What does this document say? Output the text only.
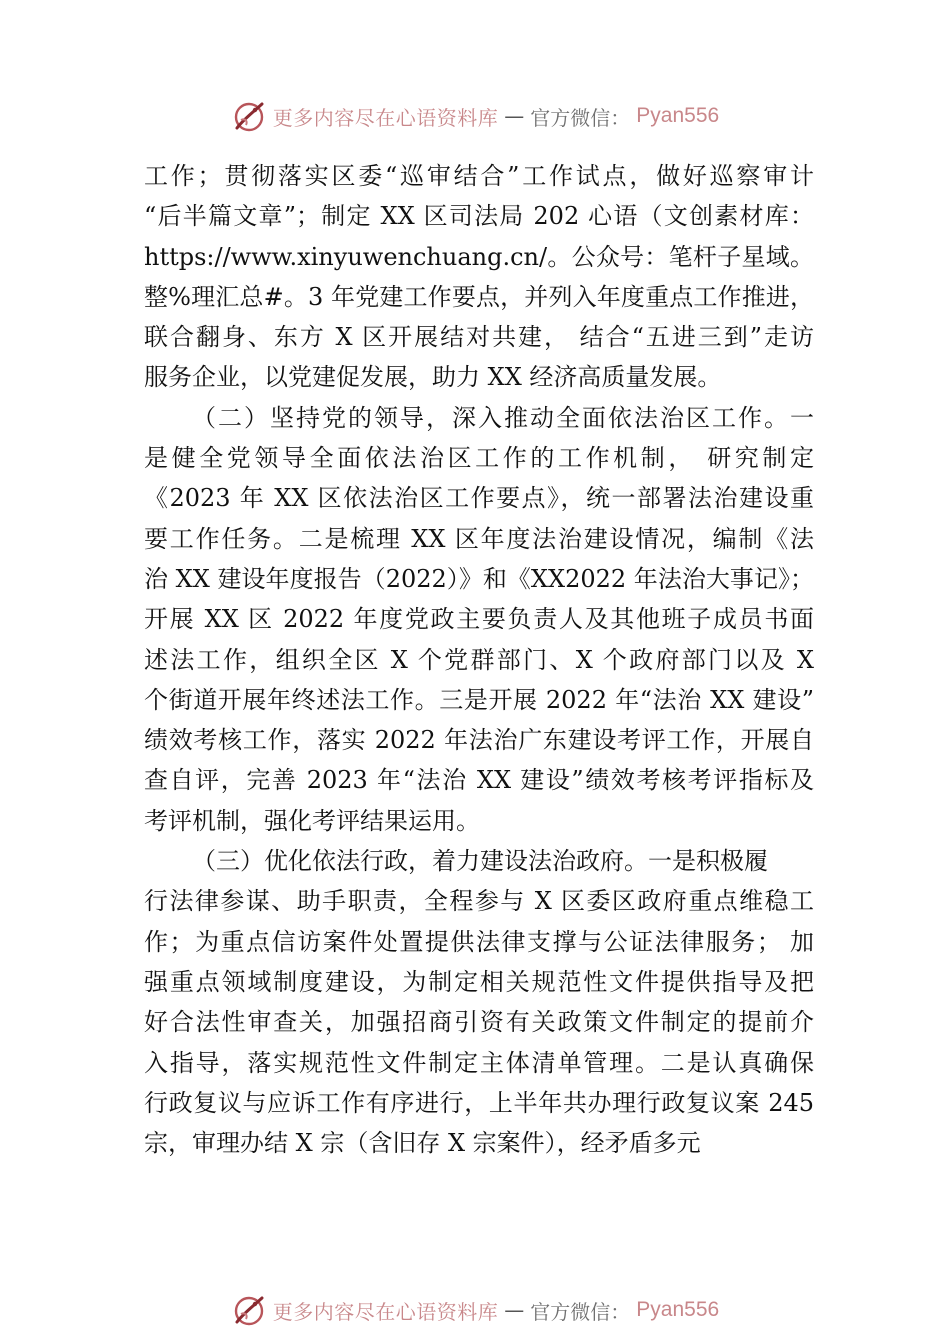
更多内容尽在心语资料库 — 官方微信： Pyan556
工作；贯彻落实区委“巡审结合”工作试点，做好巡察审计
“后半篇文章”；制定 XX 区司法局 202 心语（文创素材库：
https://www.xinyuwenchuang.cn/。公众号：笔杆子星域。
整%理汇总#。3 年党建工作要点，并列入年度重点工作推进，
联合翻身、东方 X 区开展结对共建， 结合“五进三到”走访
服务企业，以党建促发展，助力 XX 经济高质量发展。
（二）坚持党的领导，深入推动全面依法治区工作。一
是健全党领导全面依法治区工作的工作机制， 研究制定
《2023 年 XX 区依法治区工作要点》，统一部署法治建设重
要工作任务。二是梳理 XX 区年度法治建设情况，编制《法
治 XX 建设年度报告（2022）》和《XX2022 年法治大事记》；
开展 XX 区 2022 年度党政主要负责人及其他班子成员书面
述法工作，组织全区 X 个党群部门、X 个政府部门以及 X
个街道开展年终述法工作。三是开展 2022 年“法治 XX 建设”
绩效考核工作，落实 2022 年法治广东建设考评工作，开展自
查自评，完善 2023 年“法治 XX 建设”绩效考核考评指标及
考评机制，强化考评结果运用。
（三）优化依法行政，着力建设法治政府。一是积极履
行法律参谋、助手职责，全程参与 X 区委区政府重点维稳工
作；为重点信访案件处置提供法律支撑与公证法律服务； 加
强重点领域制度建设，为制定相关规范性文件提供指导及把
好合法性审查关，加强招商引资有关政策文件制定的提前介
入指导，落实规范性文件制定主体清单管理。二是认真确保
行政复议与应诉工作有序进行，上半年共办理行政复议案 245
宗，审理办结 X 宗（含旧存 X 宗案件），经矛盾多元
更多内容尽在心语资料库 — 官方微信： Pyan556
